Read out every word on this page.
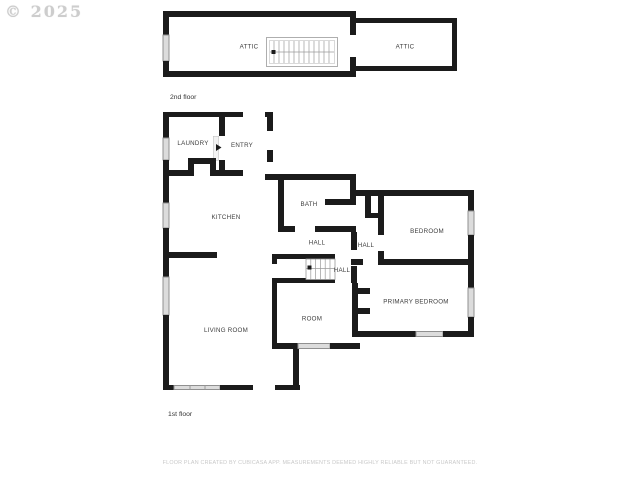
© 2025
ATTIC	ATTIC
2nd floor
LAUNDRY	ENTRY
KITCHEN
BATH
HALL	HALL
HALL
BEDROOM
PRIMARY BEDROOM
LIVING ROOM
ROOM
1st floor
FLOOR PLAN CREATED BY CUBICASA APP. MEASUREMENTS DEEMED HIGHLY RELIABLE BUT NOT GUARANTEED.
